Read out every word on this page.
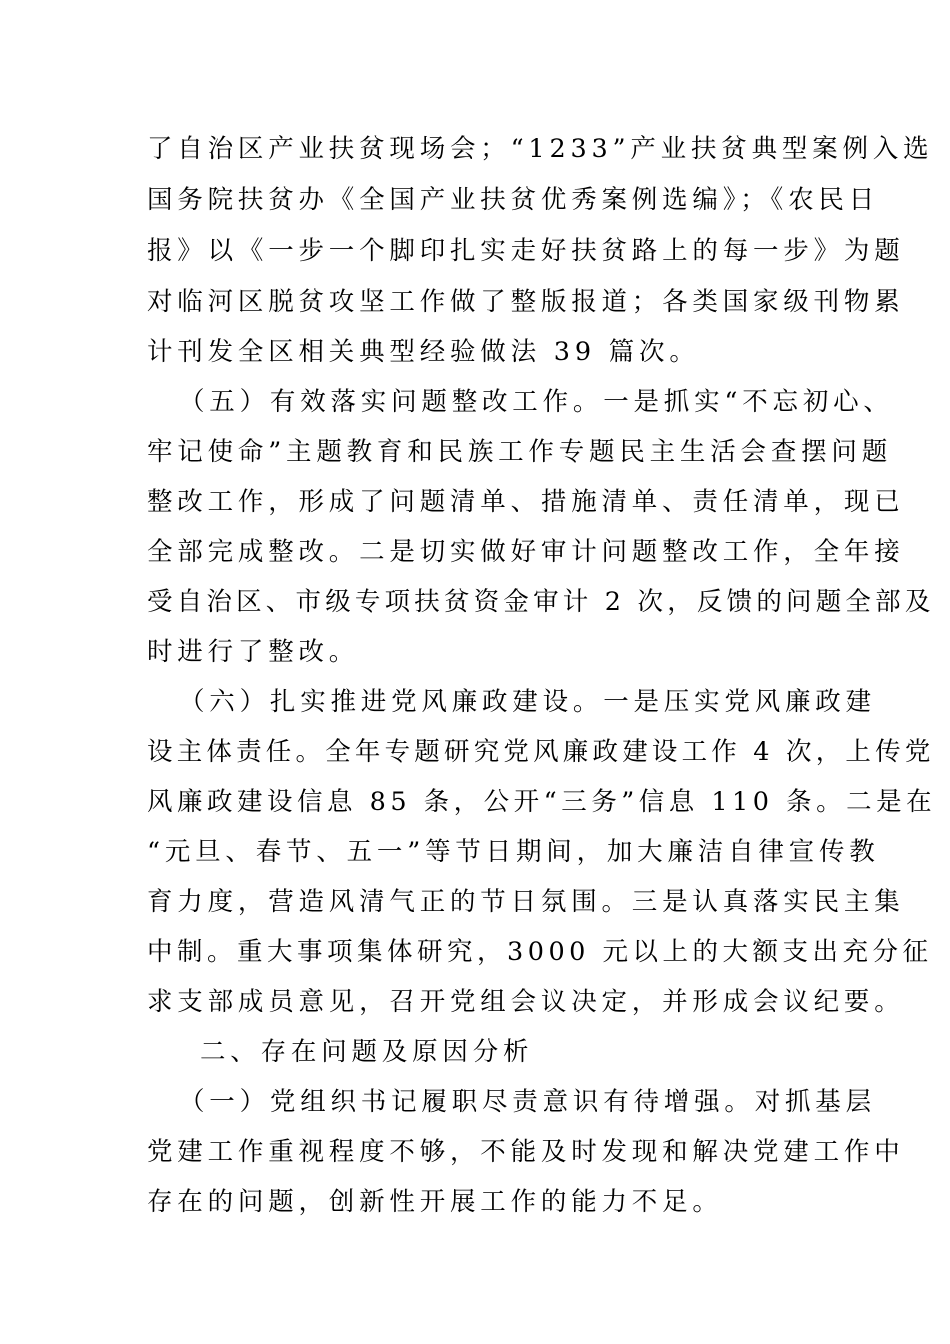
了自治区产业扶贫现场会；“1233”产业扶贫典型案例入选
国务院扶贫办《全国产业扶贫优秀案例选编》；《农民日
报》以《一步一个脚印扎实走好扶贫路上的每一步》为题
对临河区脱贫攻坚工作做了整版报道；各类国家级刊物累
计刊发全区相关典型经验做法 39 篇次。
（五）有效落实问题整改工作。一是抓实“不忘初心、
牢记使命”主题教育和民族工作专题民主生活会查摆问题
整改工作，形成了问题清单、措施清单、责任清单，现已
全部完成整改。二是切实做好审计问题整改工作，全年接
受自治区、市级专项扶贫资金审计 2 次，反馈的问题全部及
时进行了整改。
（六）扎实推进党风廉政建设。一是压实党风廉政建
设主体责任。全年专题研究党风廉政建设工作 4 次，上传党
风廉政建设信息 85 条，公开“三务”信息 110 条。二是在
“元旦、春节、五一”等节日期间，加大廉洁自律宣传教
育力度，营造风清气正的节日氛围。三是认真落实民主集
中制。重大事项集体研究，3000 元以上的大额支出充分征
求支部成员意见，召开党组会议决定，并形成会议纪要。
二、存在问题及原因分析
（一）党组织书记履职尽责意识有待增强。对抓基层
党建工作重视程度不够，不能及时发现和解决党建工作中
存在的问题，创新性开展工作的能力不足。
